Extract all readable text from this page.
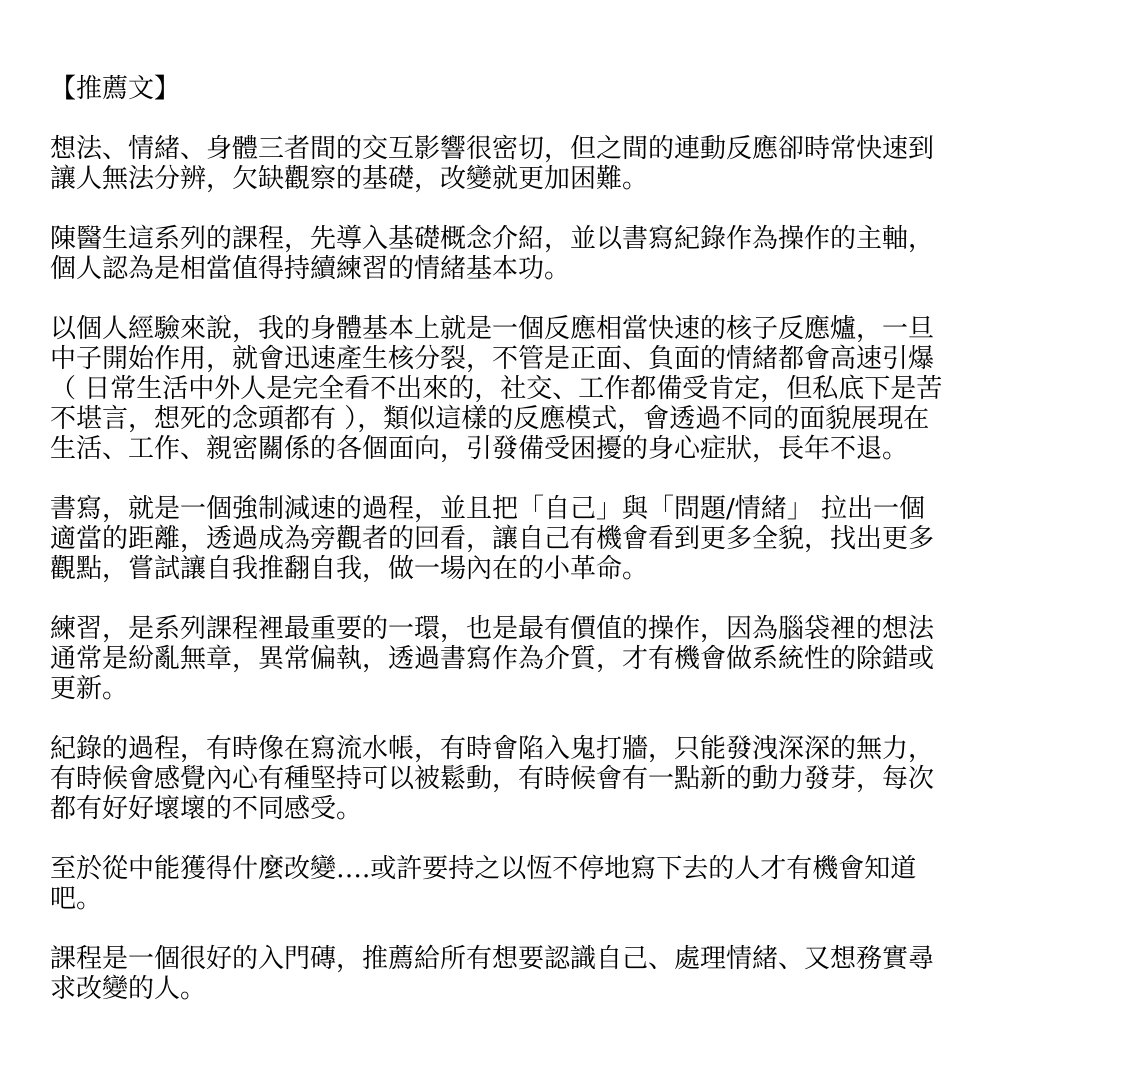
【推薦文】
想法、情緒、身體三者間的交互影響很密切，但之間的連動反應卻時常快速到
讓人無法分辨，欠缺觀察的基礎，改變就更加困難。
陳醫生這系列的課程，先導入基礎概念介紹，並以書寫紀錄作為操作的主軸，
個人認為是相當值得持續練習的情緒基本功。
以個人經驗來說，我的身體基本上就是一個反應相當快速的核子反應爐，一旦
中子開始作用，就會迅速產生核分裂，不管是正面、負面的情緒都會高速引爆
（ 日常生活中外人是完全看不出來的，社交、工作都備受肯定，但私底下是苦
不堪言，想死的念頭都有 ），類似這樣的反應模式，會透過不同的面貌展現在
生活、工作、親密關係的各個面向，引發備受困擾的身心症狀，長年不退。
書寫，就是一個強制減速的過程，並且把「自己」與「問題/情緒」 拉出一個
適當的距離，透過成為旁觀者的回看，讓自己有機會看到更多全貌，找出更多
觀點，嘗試讓自我推翻自我，做一場內在的小革命。
練習，是系列課程裡最重要的一環，也是最有價值的操作，因為腦袋裡的想法
通常是紛亂無章，異常偏執，透過書寫作為介質，才有機會做系統性的除錯或
更新。
紀錄的過程，有時像在寫流水帳，有時會陷入鬼打牆，只能發洩深深的無力，
有時候會感覺內心有種堅持可以被鬆動，有時候會有一點新的動力發芽，每次
都有好好壞壞的不同感受。
至於從中能獲得什麼改變….或許要持之以恆不停地寫下去的人才有機會知道
吧。
課程是一個很好的入門磚，推薦給所有想要認識自己、處理情緒、又想務實尋
求改變的人。
